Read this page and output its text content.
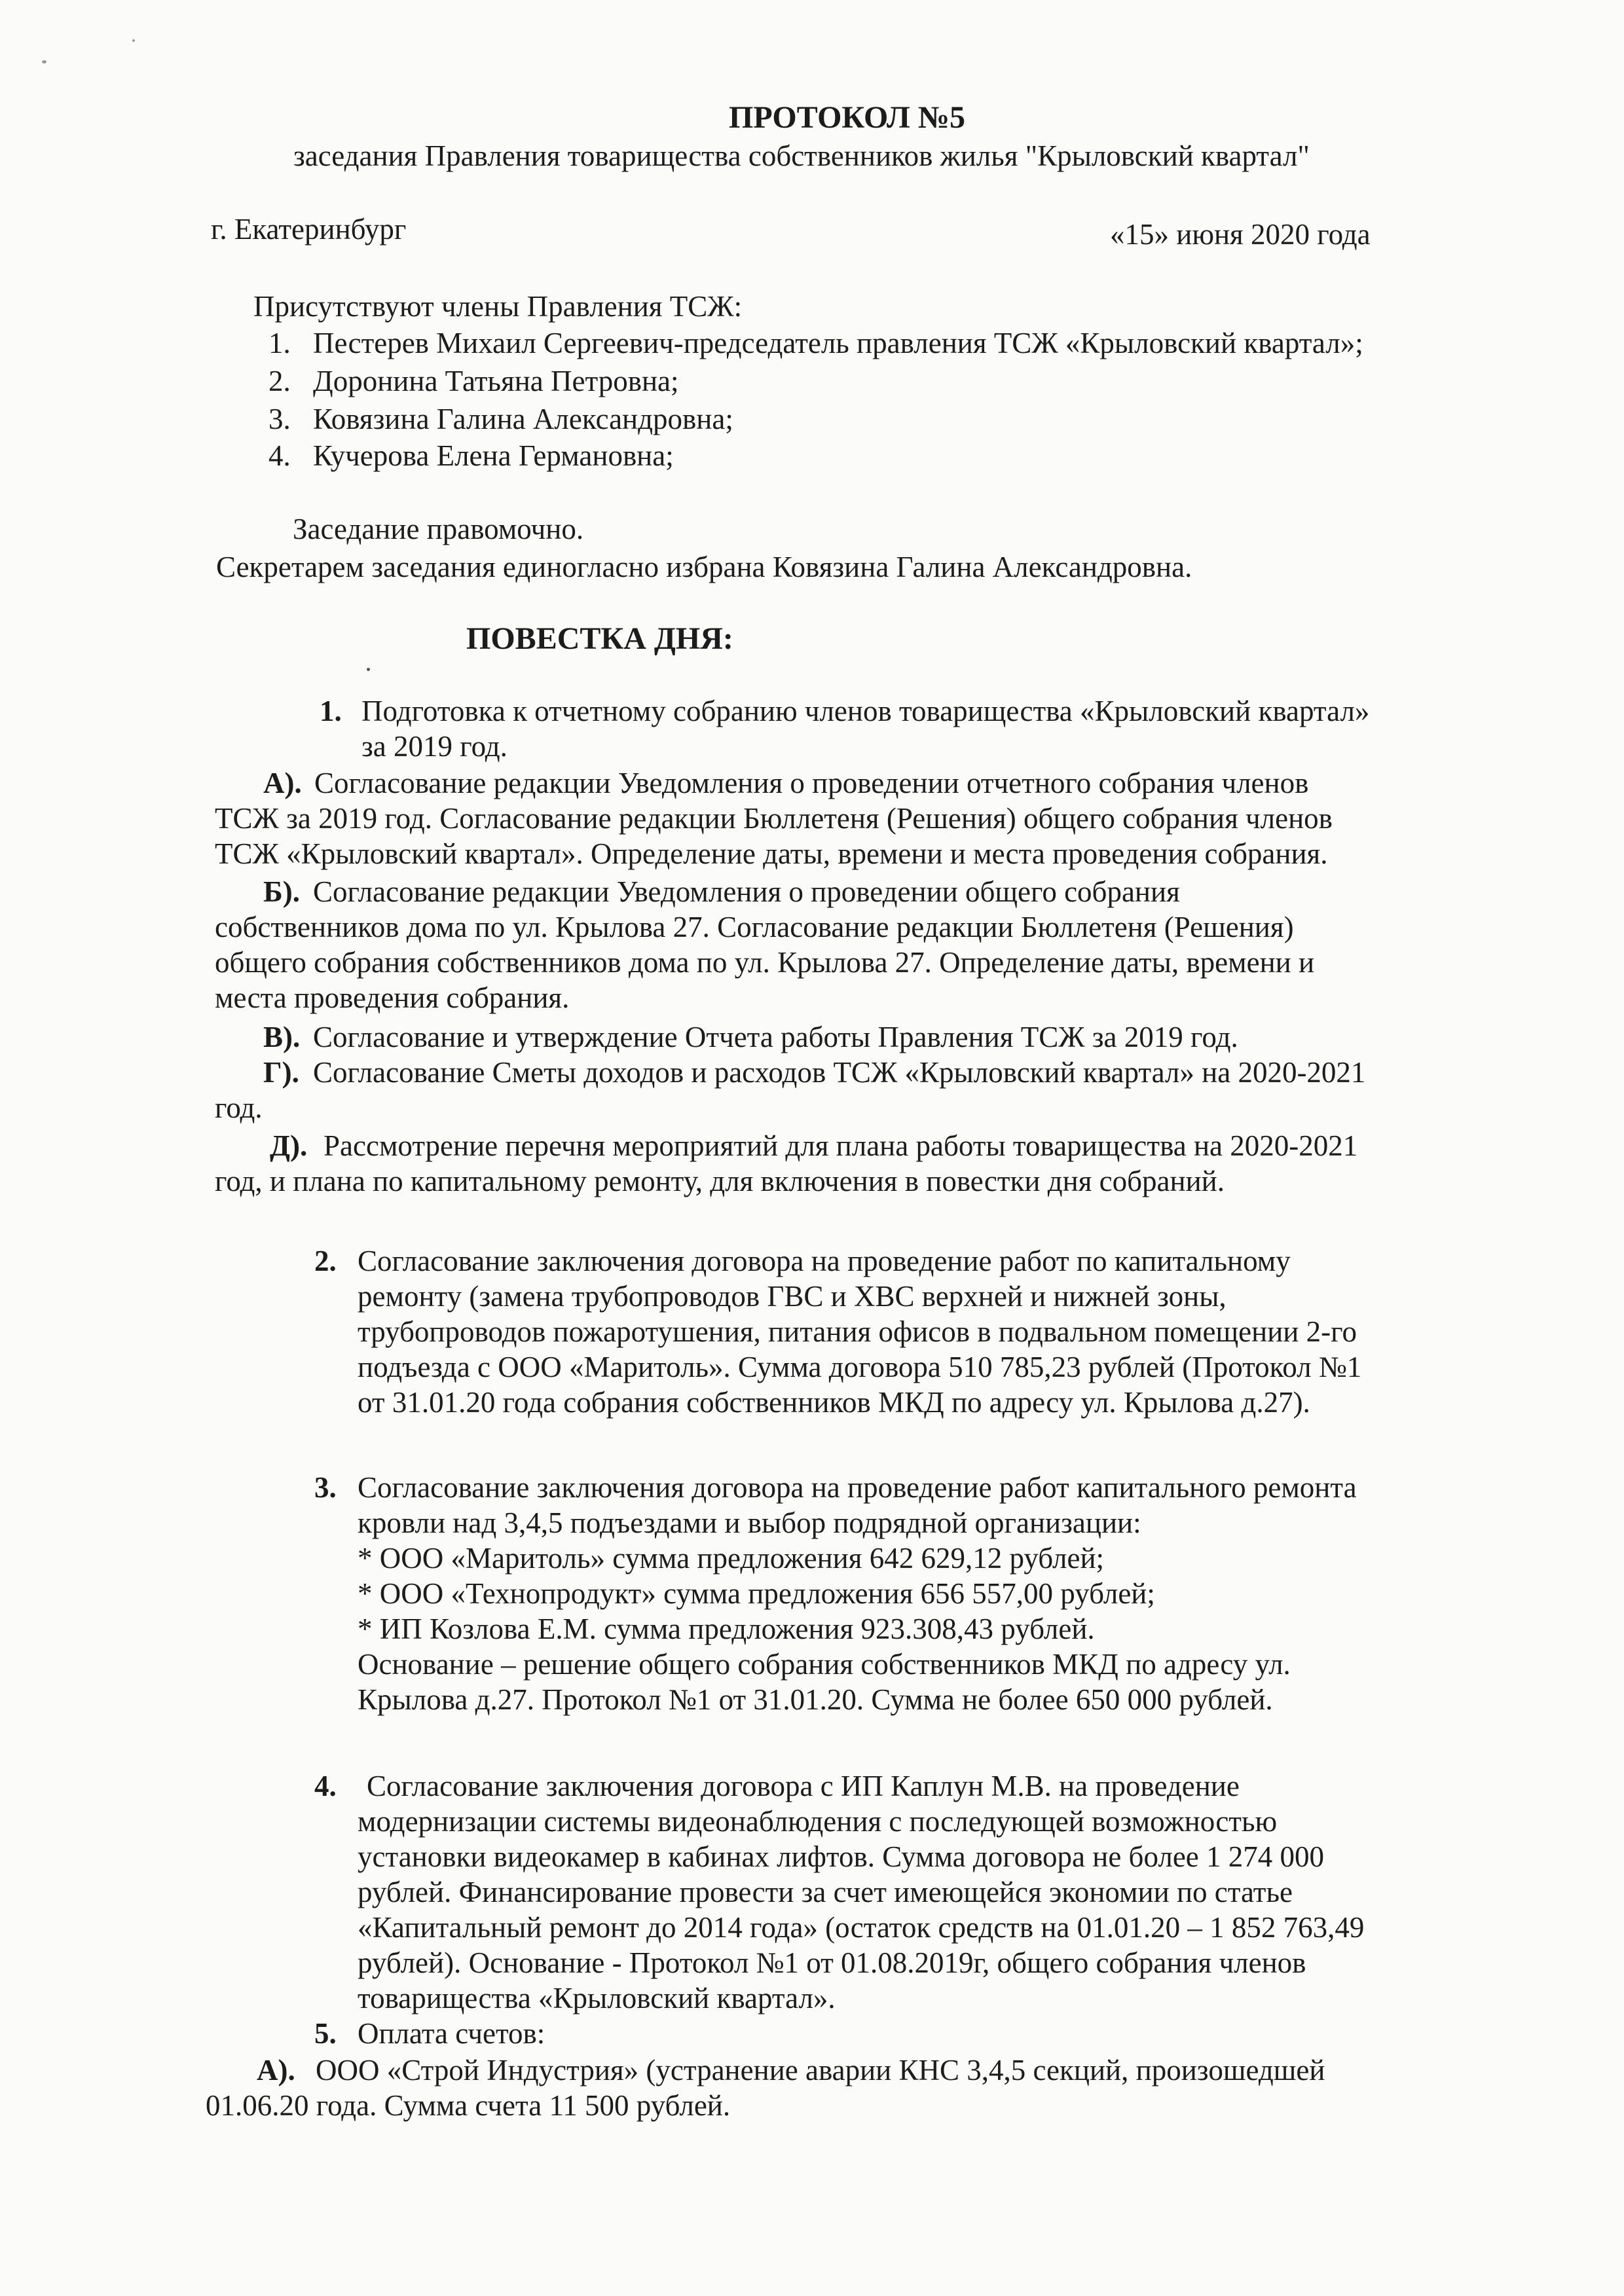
ПРОТОКОЛ №5
заседания Правления товарищества собственников жилья "Крыловский квартал"
г. Екатеринбург	«15» июня 2020 года
Присутствуют члены Правления ТСЖ:
1. Пестерев Михаил Сергеевич-председатель правления ТСЖ «Крыловский квартал»;
2. Доронина Татьяна Петровна;
3. Ковязина Галина Александровна;
4. Кучерова Елена Германовна;
Заседание правомочно.
Секретарем заседания единогласно избрана Ковязина Галина Александровна.
ПОВЕСТКА ДНЯ:
1. Подготовка к отчетному собранию членов товарищества «Крыловский квартал»
за 2019 год.
А). Согласование редакции Уведомления о проведении отчетного собрания членов
ТСЖ за 2019 год. Согласование редакции Бюллетеня (Решения) общего собрания членов
ТСЖ «Крыловский квартал». Определение даты, времени и места проведения собрания.
Б). Согласование редакции Уведомления о проведении общего собрания
собственников дома по ул. Крылова 27. Согласование редакции Бюллетеня (Решения)
общего собрания собственников дома по ул. Крылова 27. Определение даты, времени и
места проведения собрания.
В). Согласование и утверждение Отчета работы Правления ТСЖ за 2019 год.
Г). Согласование Сметы доходов и расходов ТСЖ «Крыловский квартал» на 2020-2021
год.
Д). Рассмотрение перечня мероприятий для плана работы товарищества на 2020-2021
год, и плана по капитальному ремонту, для включения в повестки дня собраний.
2. Согласование заключения договора на проведение работ по капитальному
ремонту (замена трубопроводов ГВС и ХВС верхней и нижней зоны,
трубопроводов пожаротушения, питания офисов в подвальном помещении 2-го
подъезда с ООО «Маритоль». Сумма договора 510 785,23 рублей (Протокол №1
от 31.01.20 года собрания собственников МКД по адресу ул. Крылова д.27).
3. Согласование заключения договора на проведение работ капитального ремонта
кровли над 3,4,5 подъездами и выбор подрядной организации:
* ООО «Маритоль» сумма предложения 642 629,12 рублей;
* ООО «Технопродукт» сумма предложения 656 557,00 рублей;
* ИП Козлова Е.М. сумма предложения 923.308,43 рублей.
Основание – решение общего собрания собственников МКД по адресу ул.
Крылова д.27. Протокол №1 от 31.01.20. Сумма не более 650 000 рублей.
4. Согласование заключения договора с ИП Каплун М.В. на проведение
модернизации системы видеонаблюдения с последующей возможностью
установки видеокамер в кабинах лифтов. Сумма договора не более 1 274 000
рублей. Финансирование провести за счет имеющейся экономии по статье
«Капитальный ремонт до 2014 года» (остаток средств на 01.01.20 – 1 852 763,49
рублей). Основание - Протокол №1 от 01.08.2019г, общего собрания членов
товарищества «Крыловский квартал».
5. Оплата счетов:
А). ООО «Строй Индустрия» (устранение аварии КНС 3,4,5 секций, произошедшей
01.06.20 года. Сумма счета 11 500 рублей.
